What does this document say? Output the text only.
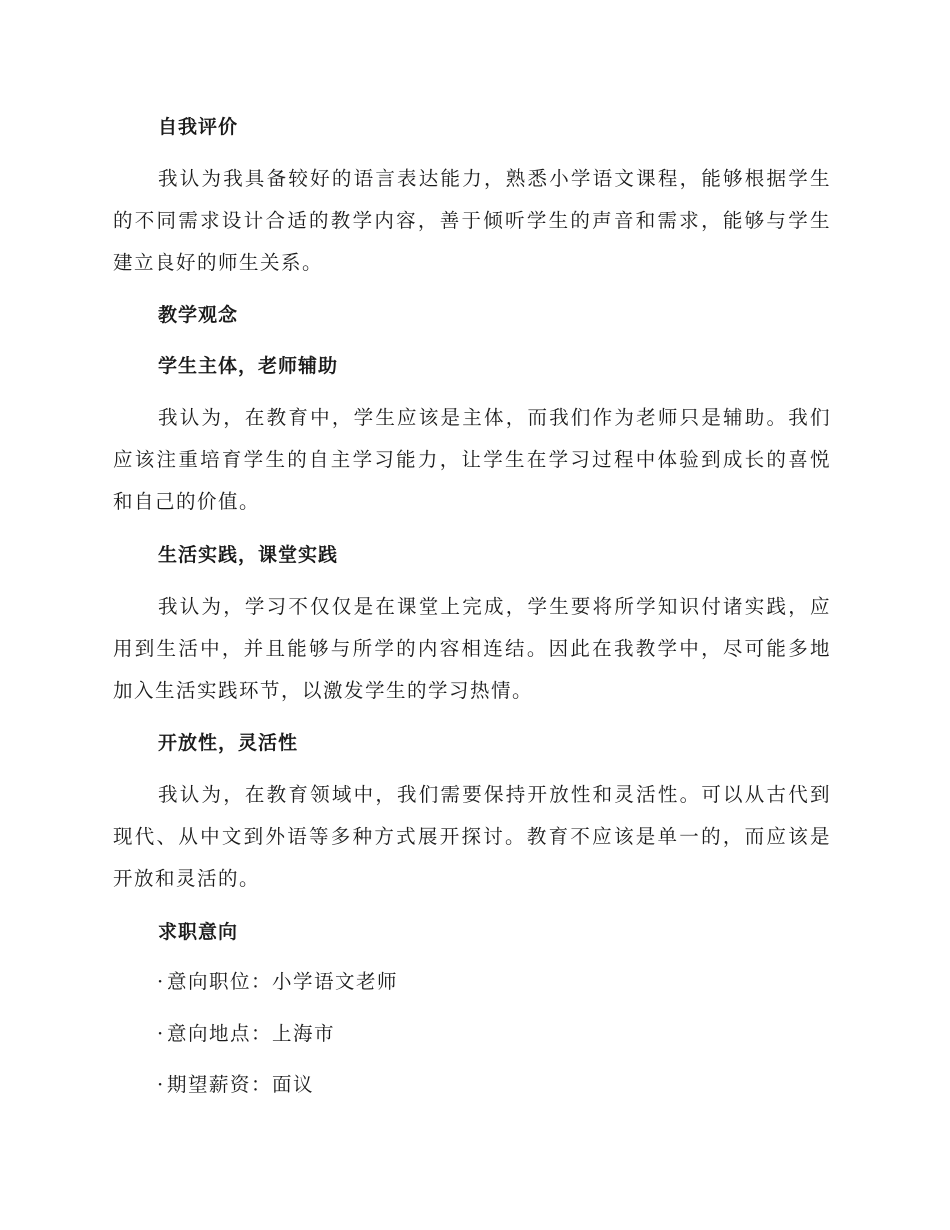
自我评价

我认为我具备较好的语言表达能力，熟悉小学语文课程，能够根据学生
的不同需求设计合适的教学内容，善于倾听学生的声音和需求，能够与学生
建立良好的师生关系。

教学观念
学生主体，老师辅助

我认为，在教育中，学生应该是主体，而我们作为老师只是辅助。我们
应该注重培育学生的自主学习能力，让学生在学习过程中体验到成长的喜悦
和自己的价值。

生活实践，课堂实践

我认为，学习不仅仅是在课堂上完成，学生要将所学知识付诸实践，应
用到生活中，并且能够与所学的内容相连结。因此在我教学中，尽可能多地
加入生活实践环节，以激发学生的学习热情。

开放性，灵活性

我认为，在教育领域中，我们需要保持开放性和灵活性。可以从古代到
现代、从中文到外语等多种方式展开探讨。教育不应该是单一的，而应该是
开放和灵活的。

求职意向

· 意向职位：小学语文老师

· 意向地点：上海市

· 期望薪资：面议
